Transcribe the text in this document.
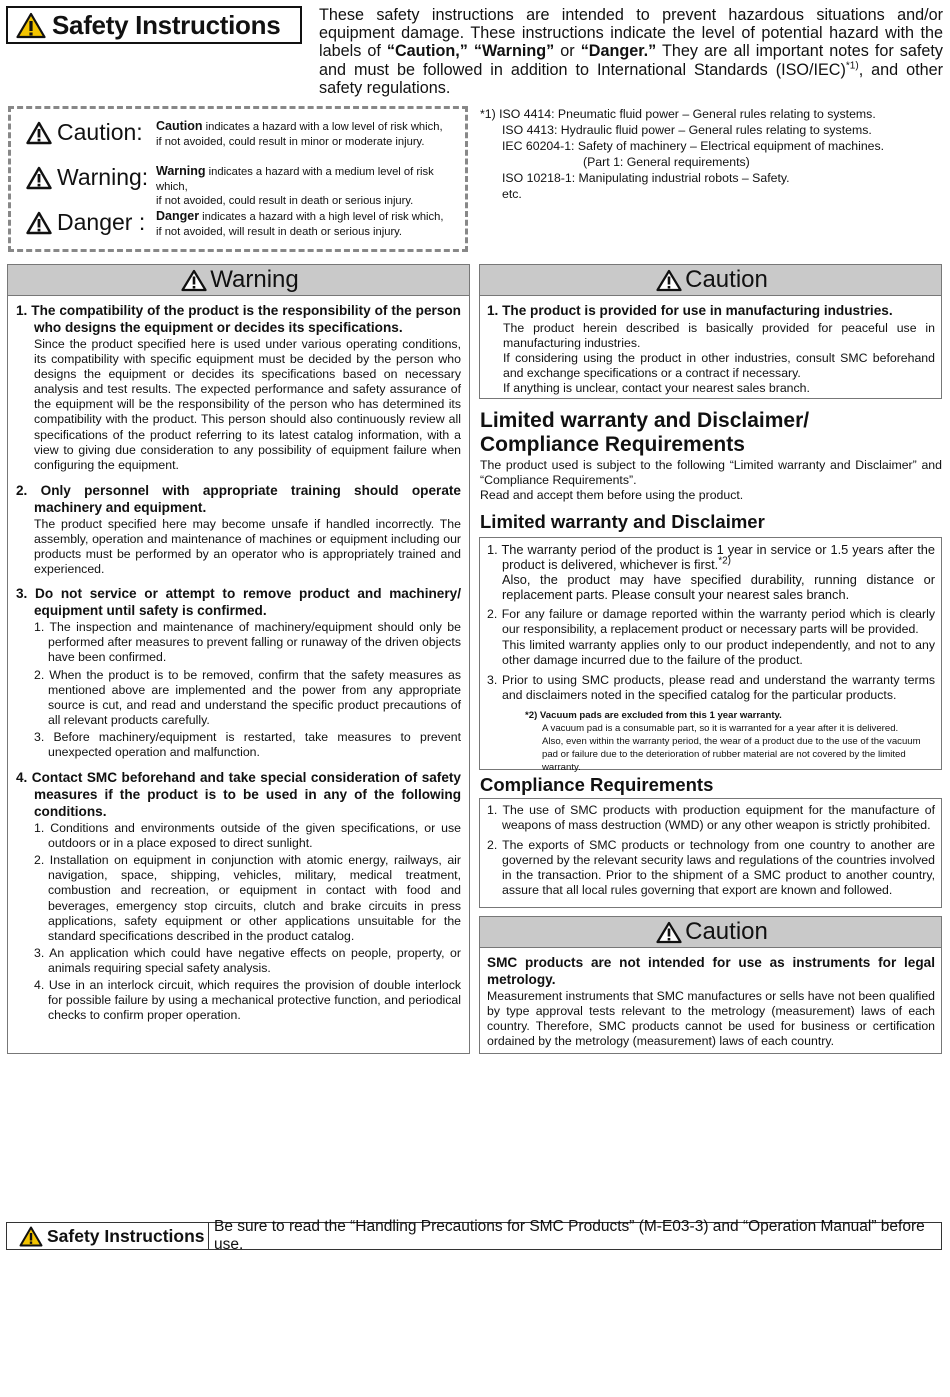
Safety Instructions These safety instructions are intended to prevent hazardous situations and/or equipment damage. These instructions indicate the level of potential hazard with the labels of “Caution,” “Warning” or “Danger.” They are all important notes for safety and must be followed in addition to International Standards $(ISO/IEC)^{*1)}$, and other safety regulations.
Caution: Caution indicates a hazard with a low level of risk which,
if not avoided, could result in minor or moderate injury.
Warning: Warning indicates a hazard with a medium level of risk which,
if not avoided, could result in death or serious injury.
Danger : Danger indicates a hazard with a high level of risk which,
if not avoided, will result in death or serious injury.
*1) ISO 4414: Pneumatic fluid power – General rules relating to systems.
ISO 4413: Hydraulic fluid power – General rules relating to systems.
IEC 60204-1: Safety of machinery – Electrical equipment of machines.
(Part 1: General requirements)
ISO 10218-1: Manipulating industrial robots – Safety.
etc.
Warning
1. The compatibility of the product is the responsibility of the person who designs the equipment or decides its specifications.
Since the product specified here is used under various operating conditions, its compatibility with specific equipment must be decided by the person who designs the equipment or decides its specifications based on necessary analysis and test results. The expected performance and safety assurance of the equipment will be the responsibility of the person who has determined its compatibility with the product. This person should also continuously review all specifications of the product referring to its latest catalog information, with a view to giving due consideration to any possibility of equipment failure when configuring the equipment.
2. Only personnel with appropriate training should operate machinery and equipment.
The product specified here may become unsafe if handled incorrectly. The assembly, operation and maintenance of machines or equipment including our products must be performed by an operator who is appropriately trained and experienced.
3. Do not service or attempt to remove product and machinery/ equipment until safety is confirmed.
1. The inspection and maintenance of machinery/equipment should only be performed after measures to prevent falling or runaway of the driven objects have been confirmed.
2. When the product is to be removed, confirm that the safety measures as mentioned above are implemented and the power from any appropriate source is cut, and read and understand the specific product precautions of all relevant products carefully.
3. Before machinery/equipment is restarted, take measures to prevent unexpected operation and malfunction.
4. Contact SMC beforehand and take special consideration of safety measures if the product is to be used in any of the following conditions.
1. Conditions and environments outside of the given specifications, or use outdoors or in a place exposed to direct sunlight.
2. Installation on equipment in conjunction with atomic energy, railways, air navigation, space, shipping, vehicles, military, medical treatment, combustion and recreation, or equipment in contact with food and beverages, emergency stop circuits, clutch and brake circuits in press applications, safety equipment or other applications unsuitable for the standard specifications described in the product catalog.
3. An application which could have negative effects on people, property, or animals requiring special safety analysis.
4. Use in an interlock circuit, which requires the provision of double interlock for possible failure by using a mechanical protective function, and periodical checks to confirm proper operation.
Caution
1. The product is provided for use in manufacturing industries.
The product herein described is basically provided for peaceful use in manufacturing industries.
If considering using the product in other industries, consult SMC beforehand and exchange specifications or a contract if necessary.
If anything is unclear, contact your nearest sales branch.
Limited warranty and Disclaimer/
Compliance Requirements
The product used is subject to the following “Limited warranty and Disclaimer” and “Compliance Requirements”.
Read and accept them before using the product.
Limited warranty and Disclaimer
1. The warranty period of the product is 1 year in service or 1.5 years after the product is delivered, whichever is first.$^{*2)}$
Also, the product may have specified durability, running distance or replacement parts. Please consult your nearest sales branch.
2. For any failure or damage reported within the warranty period which is clearly our responsibility, a replacement product or necessary parts will be provided.
This limited warranty applies only to our product independently, and not to any other damage incurred due to the failure of the product.
3. Prior to using SMC products, please read and understand the warranty terms and disclaimers noted in the specified catalog for the particular products.
*2) Vacuum pads are excluded from this 1 year warranty.
A vacuum pad is a consumable part, so it is warranted for a year after it is delivered.
Also, even within the warranty period, the wear of a product due to the use of the vacuum pad or failure due to the deterioration of rubber material are not covered by the limited warranty.
Compliance Requirements
1. The use of SMC products with production equipment for the manufacture of weapons of mass destruction (WMD) or any other weapon is strictly prohibited.
2. The exports of SMC products or technology from one country to another are governed by the relevant security laws and regulations of the countries involved in the transaction. Prior to the shipment of a SMC product to another country, assure that all local rules governing that export are known and followed.
Caution
SMC products are not intended for use as instruments for legal metrology.
Measurement instruments that SMC manufactures or sells have not been qualified by type approval tests relevant to the metrology (measurement) laws of each country. Therefore, SMC products cannot be used for business or certification ordained by the metrology (measurement) laws of each country.
Safety Instructions Be sure to read the “Handling Precautions for SMC Products” (M-E03-3) and “Operation Manual” before use.
